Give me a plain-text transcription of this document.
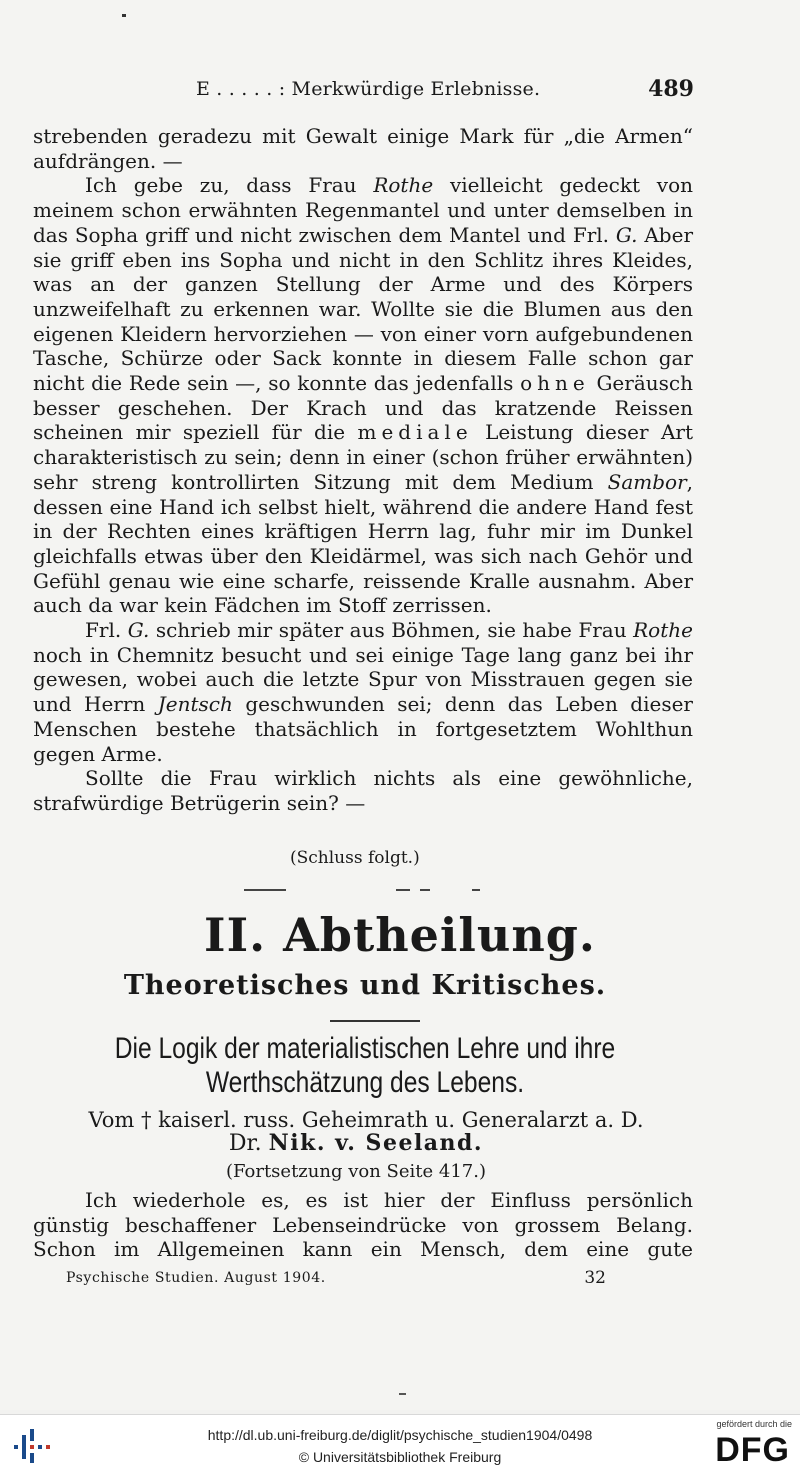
E . . . . . : Merkwürdige Erlebnisse.	489

strebenden geradezu mit Gewalt einige Mark für „die Armen“ aufdrängen. —

Ich gebe zu, dass Frau Rothe vielleicht gedeckt von meinem schon erwähnten Regenmantel und unter demselben in das Sopha griff und nicht zwischen dem Mantel und Frl. G. Aber sie griff eben ins Sopha und nicht in den Schlitz ihres Kleides, was an der ganzen Stellung der Arme und des Körpers unzweifelhaft zu erkennen war. Wollte sie die Blumen aus den eigenen Kleidern hervorziehen — von einer vorn aufgebundenen Tasche, Schürze oder Sack konnte in diesem Falle schon gar nicht die Rede sein —, so konnte das jedenfalls ohne Geräusch besser geschehen. Der Krach und das kratzende Reissen scheinen mir speziell für die mediale Leistung dieser Art charakteristisch zu sein; denn in einer (schon früher erwähnten) sehr streng kontrollirten Sitzung mit dem Medium Sambor, dessen eine Hand ich selbst hielt, während die andere Hand fest in der Rechten eines kräftigen Herrn lag, fuhr mir im Dunkel gleichfalls etwas über den Kleidärmel, was sich nach Gehör und Gefühl genau wie eine scharfe, reissende Kralle ausnahm. Aber auch da war kein Fädchen im Stoff zerrissen.

Frl. G. schrieb mir später aus Böhmen, sie habe Frau Rothe noch in Chemnitz besucht und sei einige Tage lang ganz bei ihr gewesen, wobei auch die letzte Spur von Misstrauen gegen sie und Herrn Jentsch geschwunden sei; denn das Leben dieser Menschen bestehe thatsächlich in fortgesetztem Wohlthun gegen Arme.

Sollte die Frau wirklich nichts als eine gewöhnliche, strafwürdige Betrügerin sein? —

(Schluss folgt.)
II. Abtheilung.
Theoretisches und Kritisches.
Die Logik der materialistischen Lehre und ihre
Werthschätzung des Lebens.
Vom † kaiserl. russ. Geheimrath u. Generalarzt a. D.
Dr. Nik. v. Seeland.
(Fortsetzung von Seite 417.)

Ich wiederhole es, es ist hier der Einfluss persönlich günstig beschaffener Lebenseindrücke von grossem Belang. Schon im Allgemeinen kann ein Mensch, dem eine gute

Psychische Studien. August 1904.	32
http://dl.ub.uni-freiburg.de/diglit/psychische_studien1904/0498
© Universitätsbibliothek Freiburg
gefördert durch die
DFG
